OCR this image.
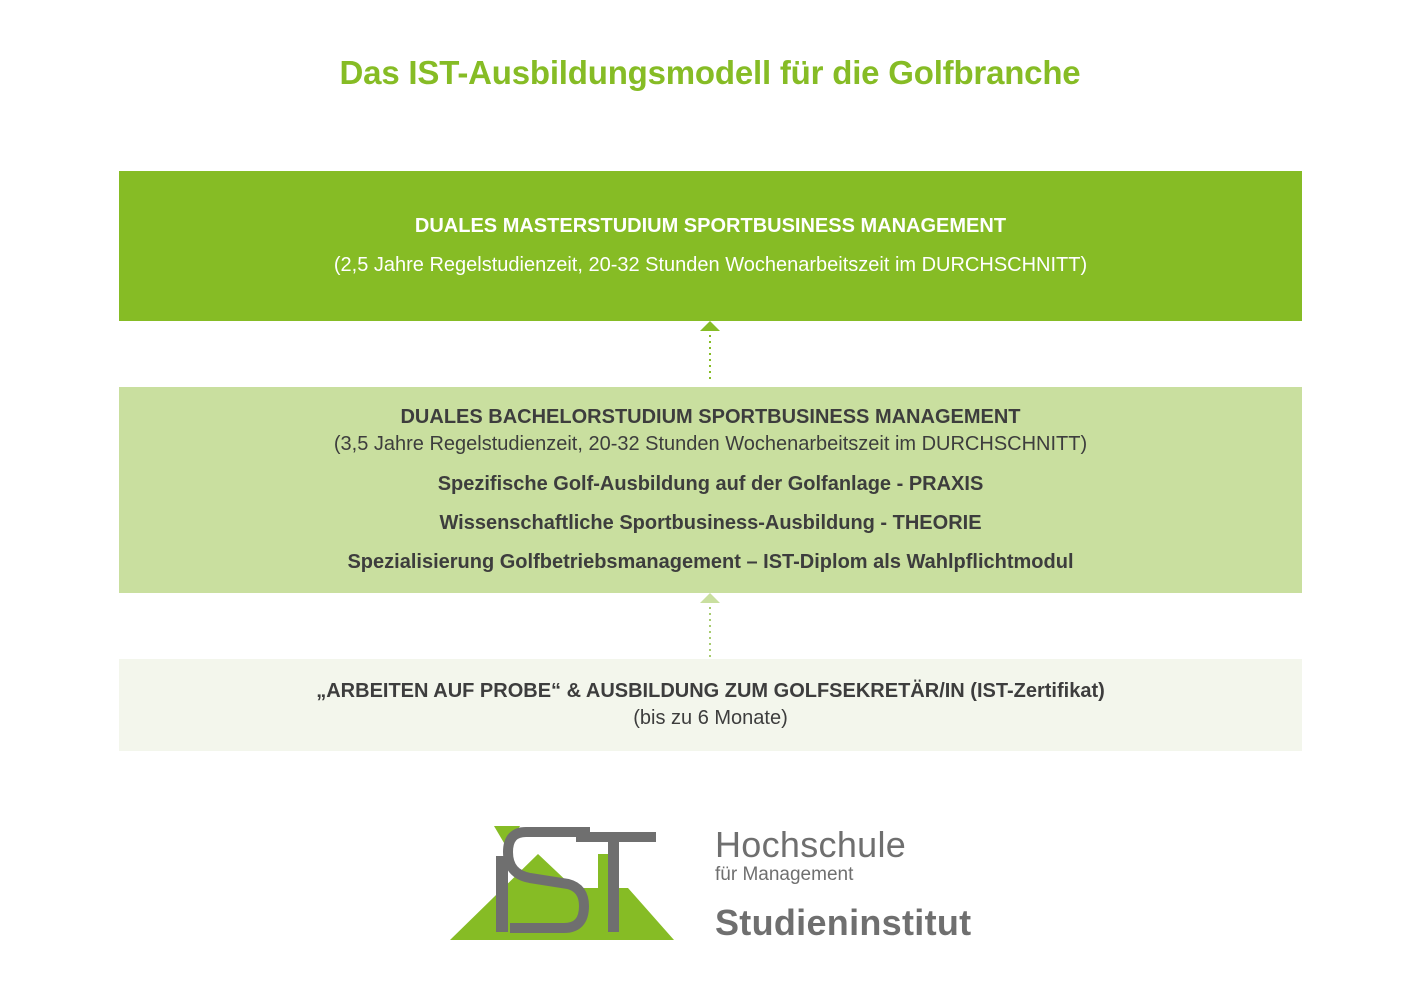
Das IST-Ausbildungsmodell für die Golfbranche
DUALES MASTERSTUDIUM SPORTBUSINESS MANAGEMENT
(2,5 Jahre Regelstudienzeit, 20-32 Stunden Wochenarbeitszeit im DURCHSCHNITT)
DUALES BACHELORSTUDIUM SPORTBUSINESS MANAGEMENT
(3,5 Jahre Regelstudienzeit, 20-32 Stunden Wochenarbeitszeit im DURCHSCHNITT)
Spezifische Golf-Ausbildung auf der Golfanlage - PRAXIS
Wissenschaftliche Sportbusiness-Ausbildung - THEORIE
Spezialisierung Golfbetriebsmanagement – IST-Diplom als Wahlpflichtmodul
„ARBEITEN AUF PROBE“ & AUSBILDUNG ZUM GOLFSEKRETÄR/IN (IST-Zertifikat)
(bis zu 6 Monate)
Hochschule
für Management
Studieninstitut
